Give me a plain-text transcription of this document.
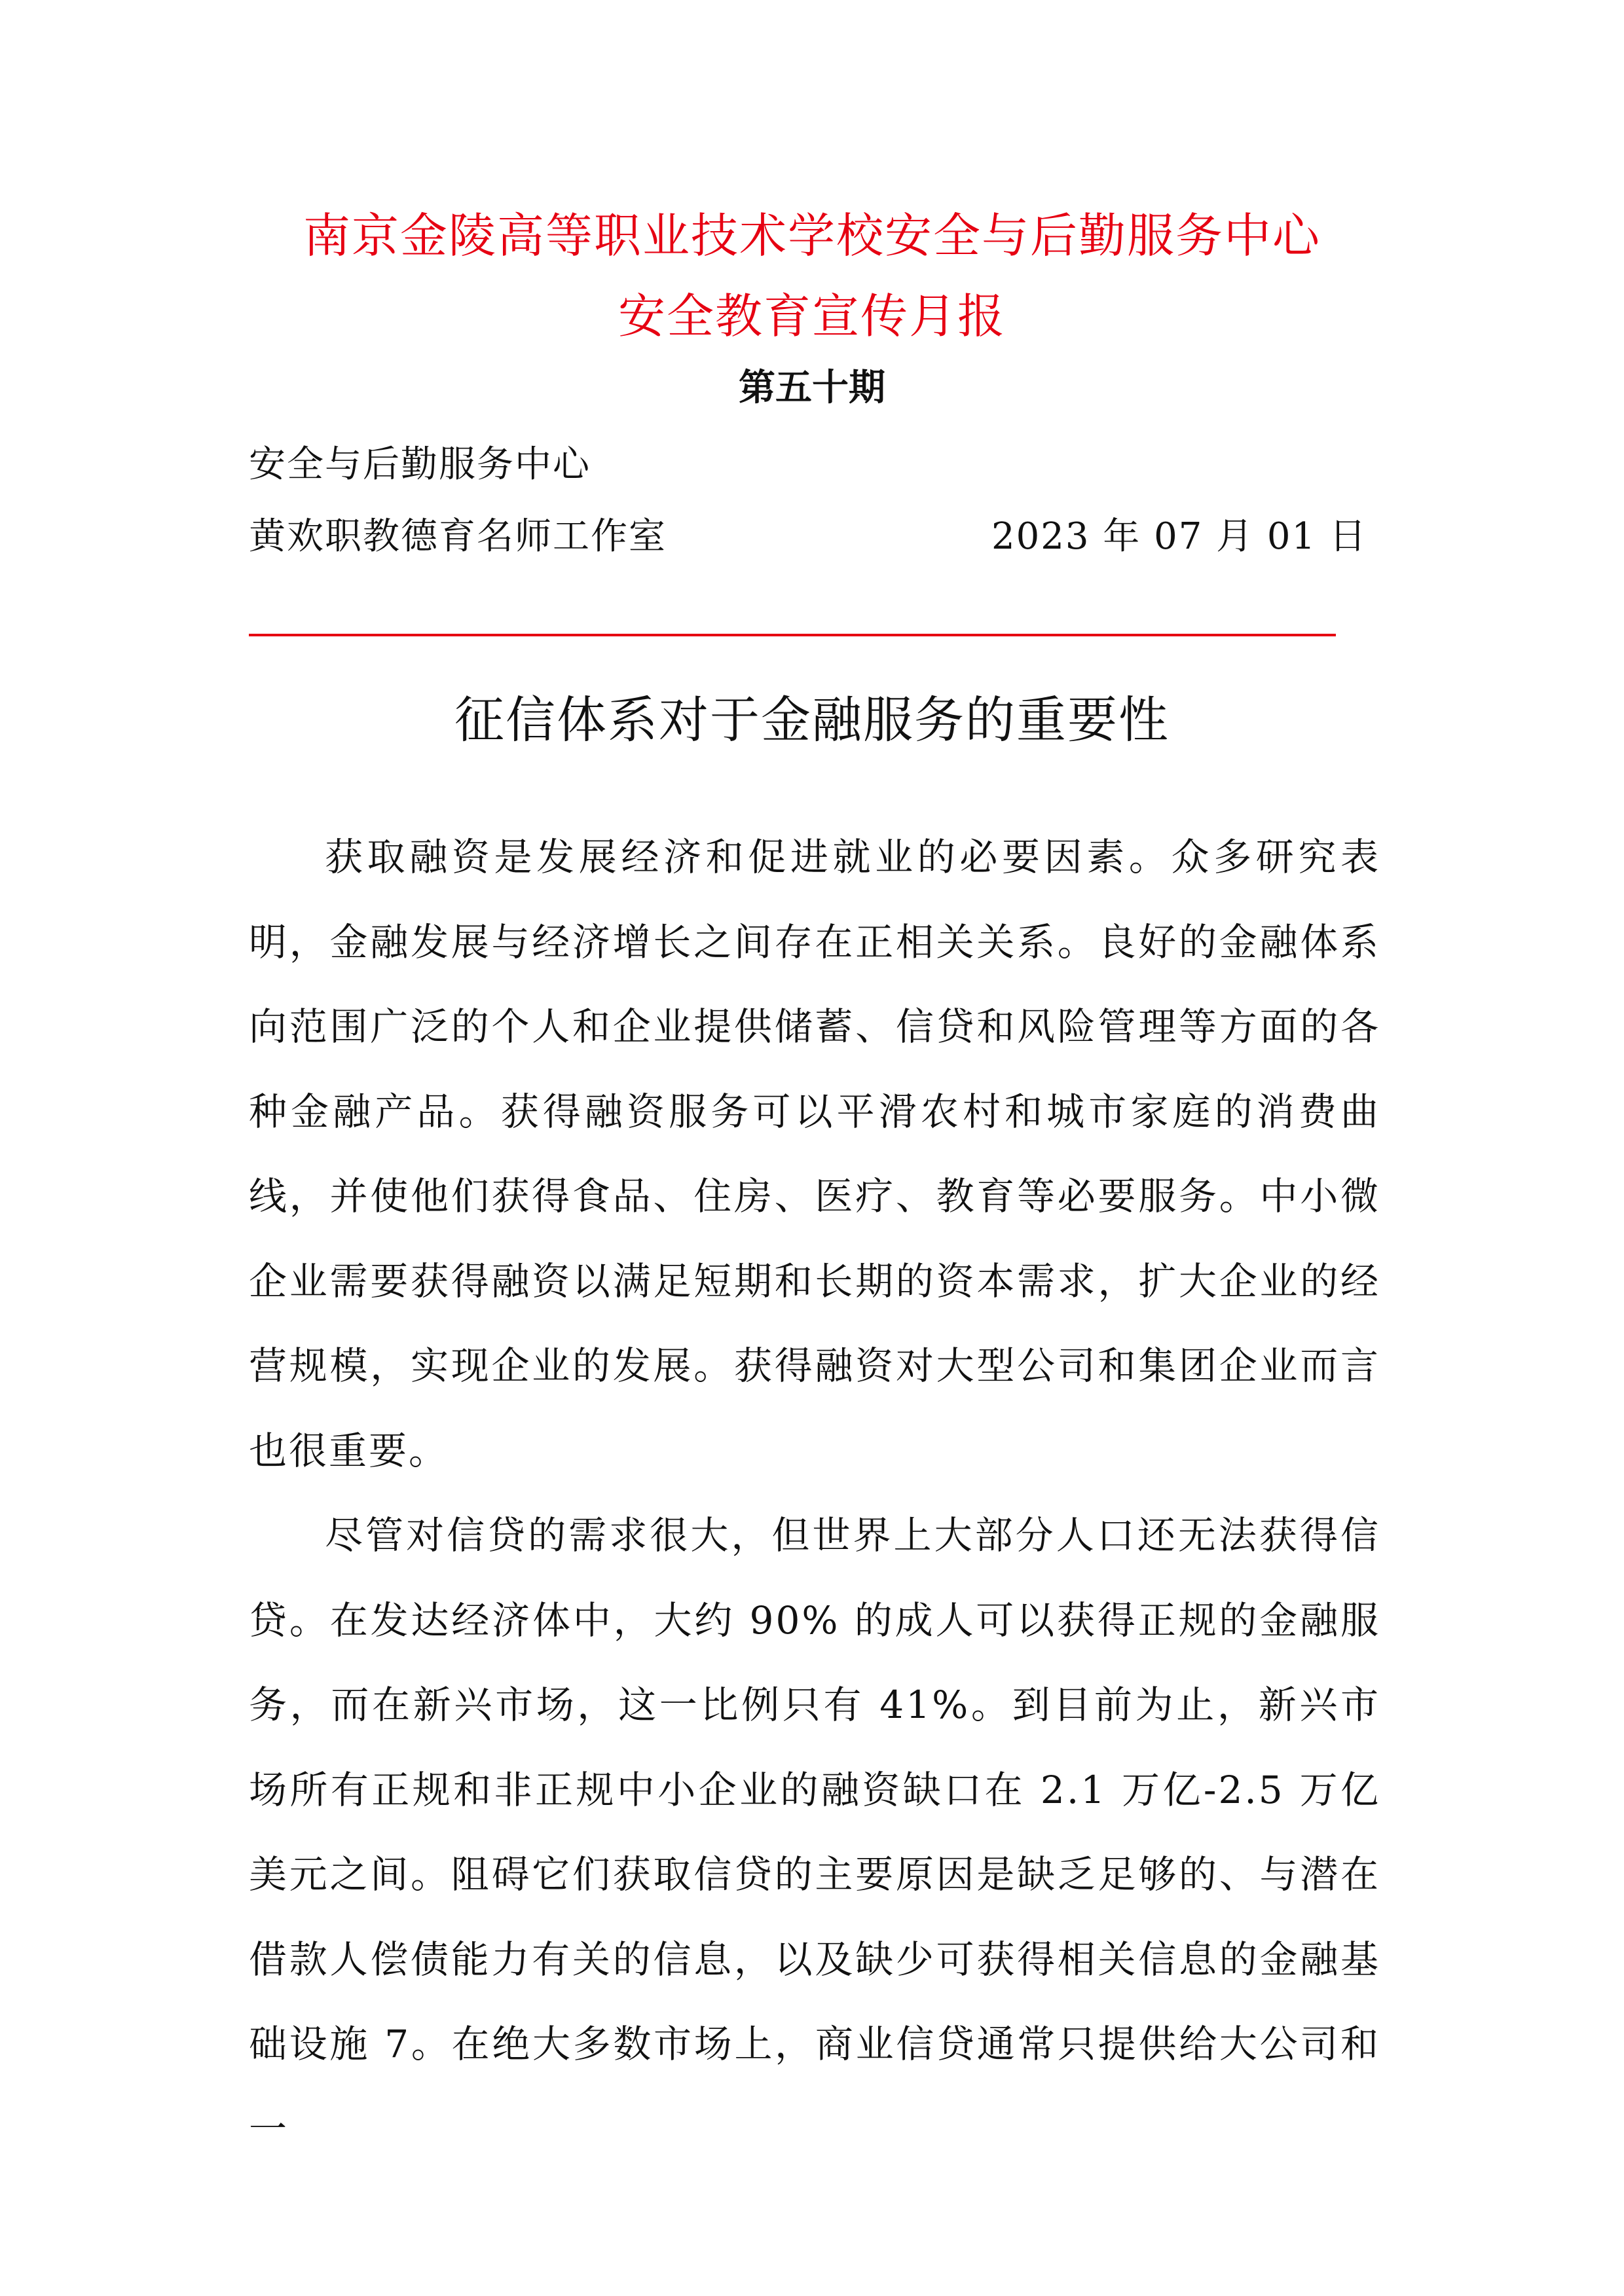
南京金陵高等职业技术学校安全与后勤服务中心
安全教育宣传月报
第五十期
安全与后勤服务中心
黄欢职教德育名师工作室	2023 年 07 月 01 日
征信体系对于金融服务的重要性

获取融资是发展经济和促进就业的必要因素。众多研究表明，金融发展与经济增长之间存在正相关关系。良好的金融体系向范围广泛的个人和企业提供储蓄、信贷和风险管理等方面的各种金融产品。获得融资服务可以平滑农村和城市家庭的消费曲线，并使他们获得食品、住房、医疗、教育等必要服务。中小微企业需要获得融资以满足短期和长期的资本需求，扩大企业的经营规模，实现企业的发展。获得融资对大型公司和集团企业而言也很重要。

尽管对信贷的需求很大，但世界上大部分人口还无法获得信贷。在发达经济体中，大约 90% 的成人可以获得正规的金融服务，而在新兴市场，这一比例只有 41%。到目前为止，新兴市场所有正规和非正规中小企业的融资缺口在 2.1 万亿-2.5 万亿美元之间。阻碍它们获取信贷的主要原因是缺乏足够的、与潜在借款人偿债能力有关的信息，以及缺少可获得相关信息的金融基础设施 7。在绝大多数市场上，商业信贷通常只提供给大公司和一
